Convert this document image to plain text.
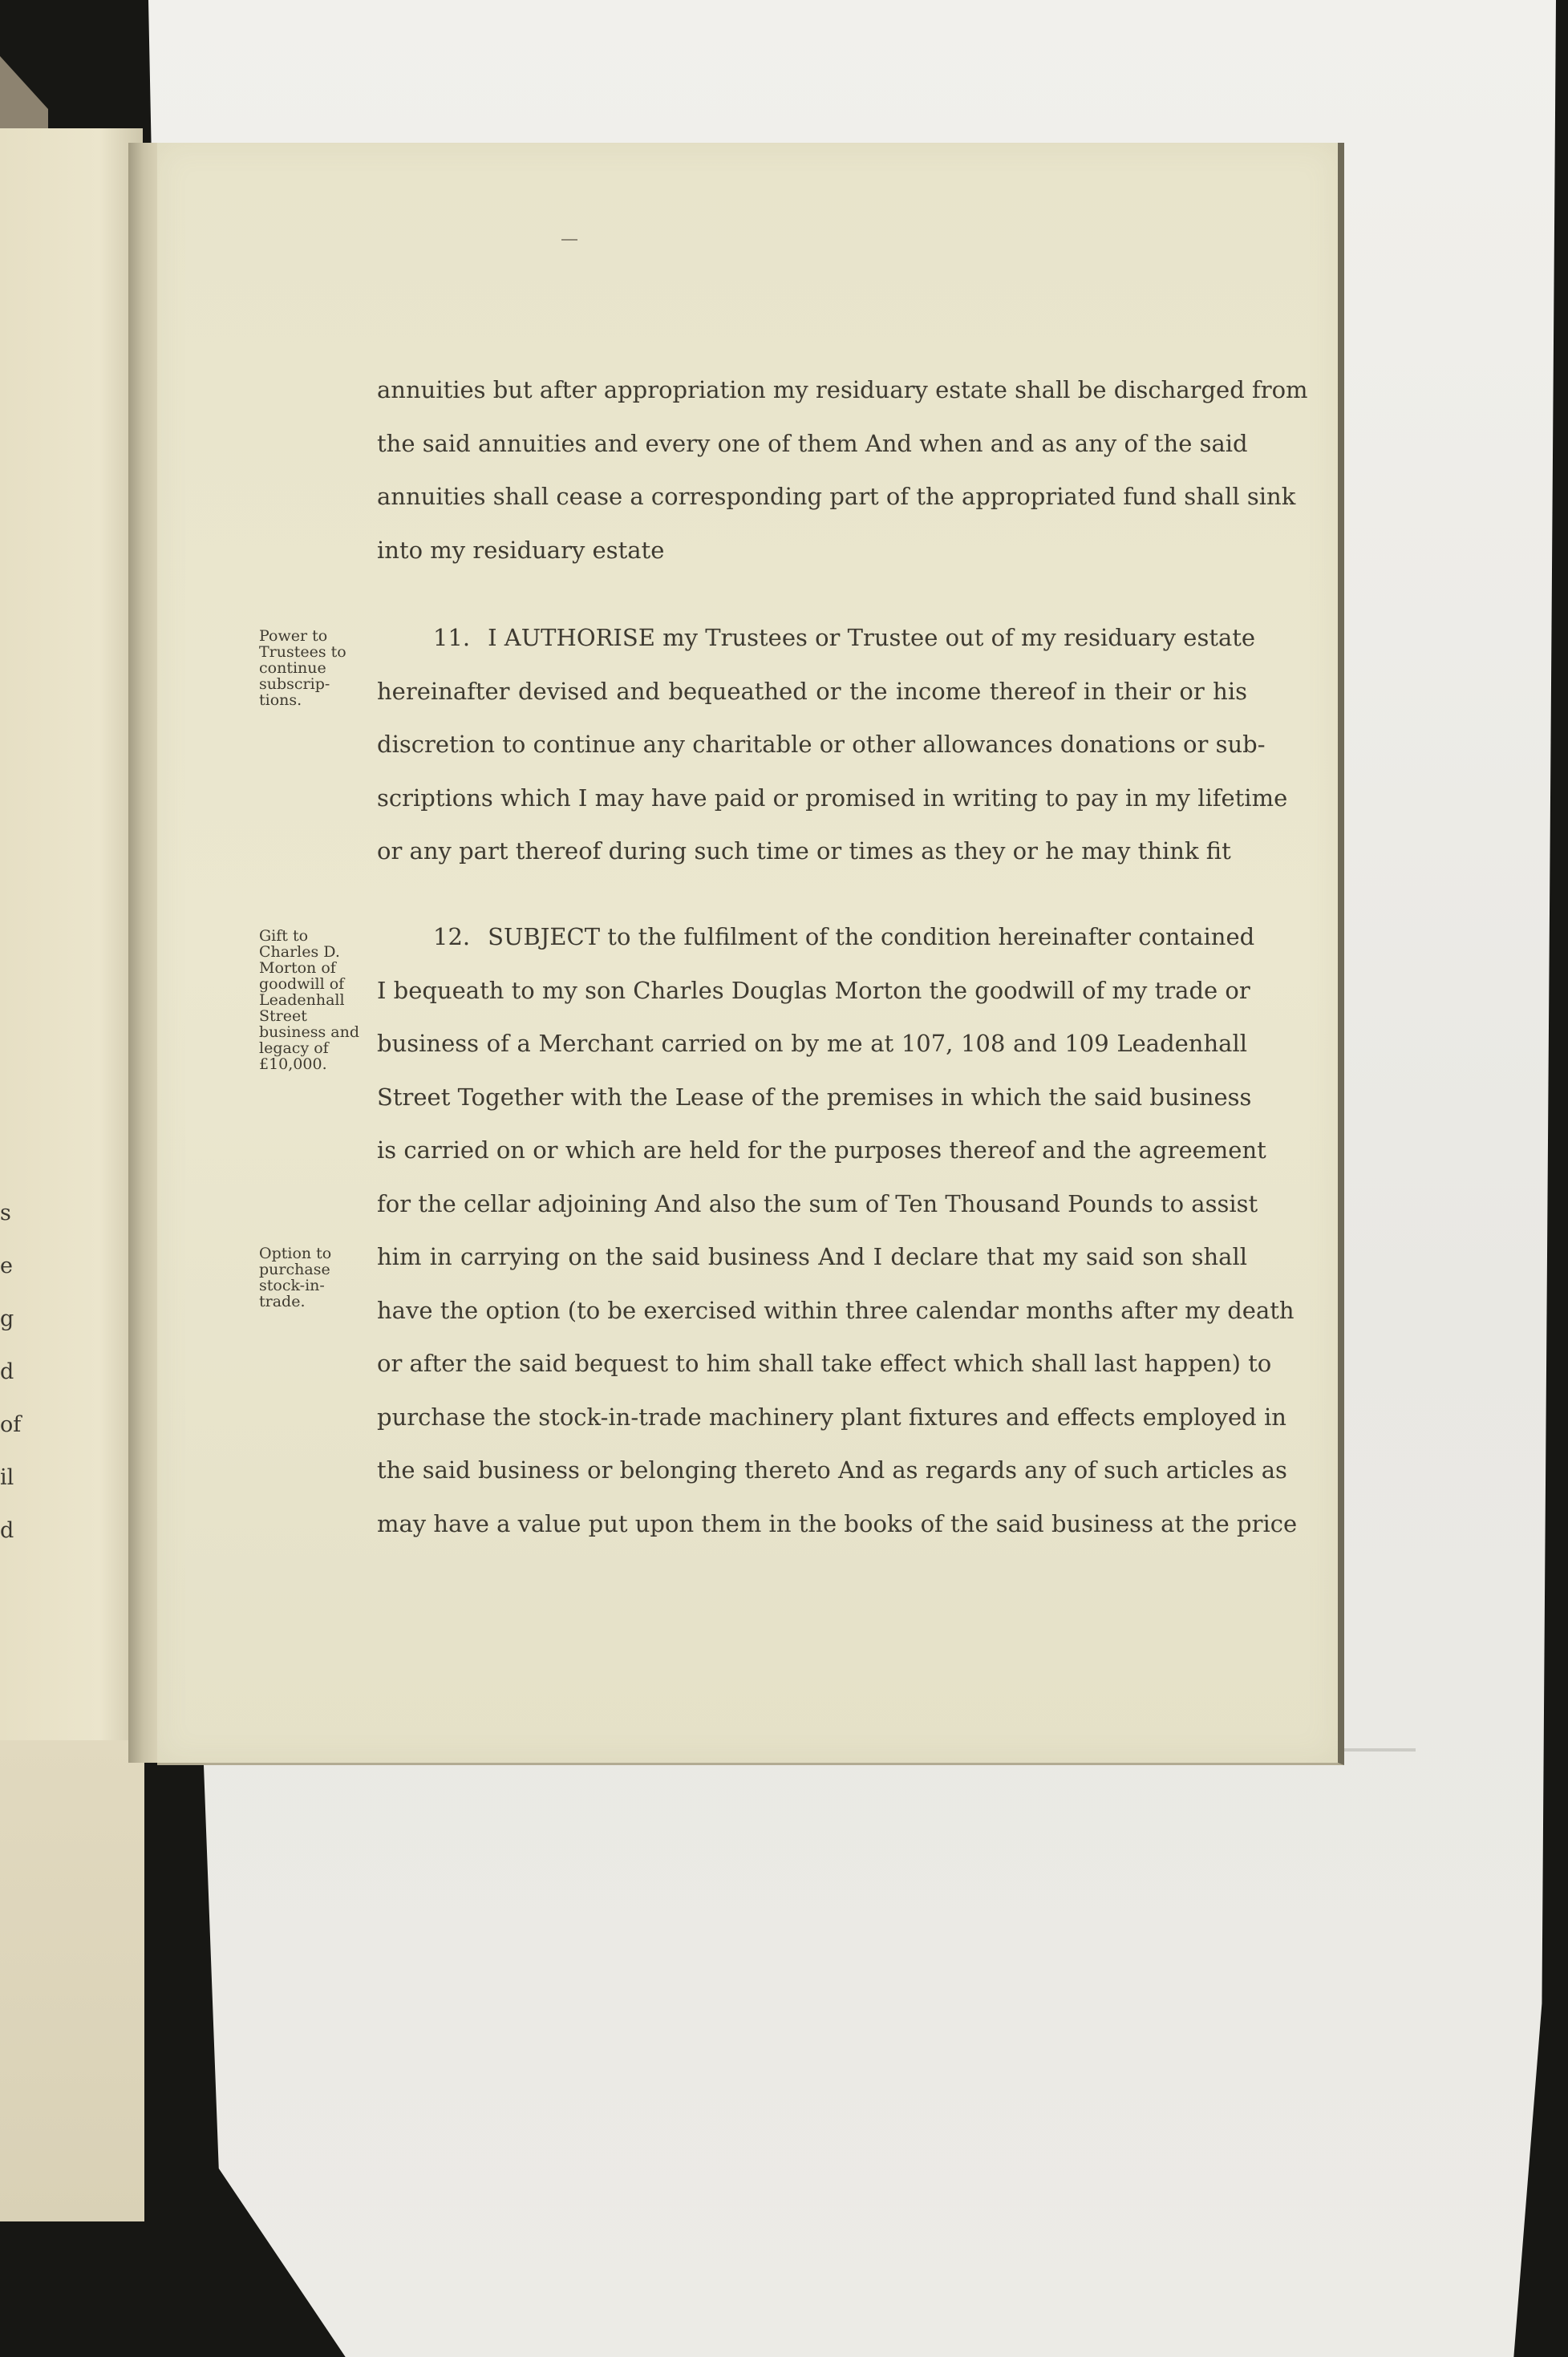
s
e
g
d
of
il
d
annuities but after appropriation my residuary estate shall be discharged from
the said annuities and every one of them And when and as any of the said
annuities shall cease a corresponding part of the appropriated fund shall sink
into my residuary estate
Power to
Trustees to
continue
subscrip-
tions.
11. I AUTHORISE my Trustees or Trustee out of my residuary estate
hereinafter devised and bequeathed or the income thereof in their or his
discretion to continue any charitable or other allowances donations or sub-
scriptions which I may have paid or promised in writing to pay in my lifetime
or any part thereof during such time or times as they or he may think fit
Gift to
Charles D.
Morton of
goodwill of
Leadenhall
Street
business and
legacy of
£10,000.
Option to
purchase
stock-in-
trade.
12. SUBJECT to the fulfilment of the condition hereinafter contained
I bequeath to my son Charles Douglas Morton the goodwill of my trade or
business of a Merchant carried on by me at 107, 108 and 109 Leadenhall
Street Together with the Lease of the premises in which the said business
is carried on or which are held for the purposes thereof and the agreement
for the cellar adjoining And also the sum of Ten Thousand Pounds to assist
him in carrying on the said business And I declare that my said son shall
have the option (to be exercised within three calendar months after my death
or after the said bequest to him shall take effect which shall last happen) to
purchase the stock-in-trade machinery plant fixtures and effects employed in
the said business or belonging thereto And as regards any of such articles as
may have a value put upon them in the books of the said business at the price
